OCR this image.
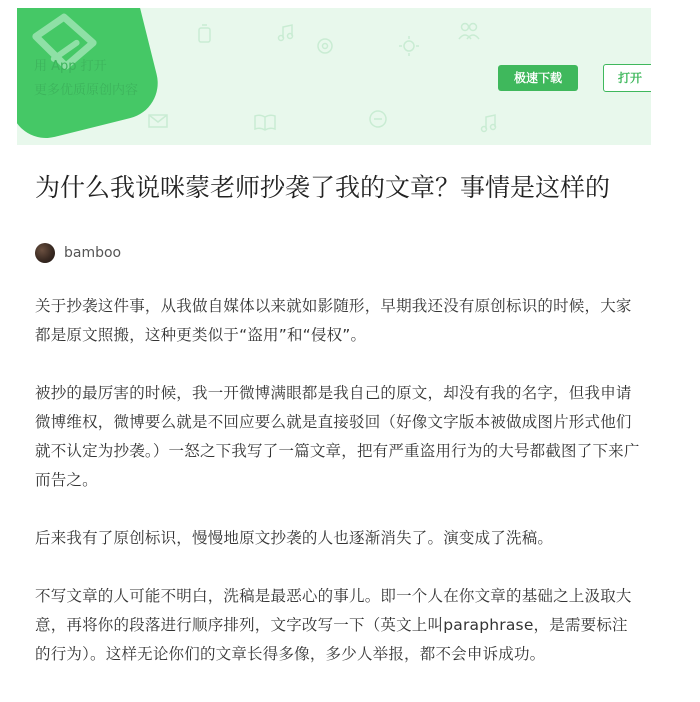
用 App 打开
更多优质原创内容
极速下载	打开
为什么我说咪蒙老师抄袭了我的文章？事情是这样的
bamboo

关于抄袭这件事，从我做自媒体以来就如影随形，早期我还没有原创标识的时候，大家都是原文照搬，这种更类似于“盗用”和“侵权”。

被抄的最厉害的时候，我一开微博满眼都是我自己的原文，却没有我的名字，但我申请微博维权，微博要么就是不回应要么就是直接驳回（好像文字版本被做成图片形式他们就不认定为抄袭。）一怒之下我写了一篇文章，把有严重盗用行为的大号都截图了下来广而告之。

后来我有了原创标识，慢慢地原文抄袭的人也逐渐消失了。演变成了洗稿。

不写文章的人可能不明白，洗稿是最恶心的事儿。即一个人在你文章的基础之上汲取大意，再将你的段落进行顺序排列，文字改写一下（英文上叫paraphrase，是需要标注的行为）。这样无论你们的文章长得多像，多少人举报，都不会申诉成功。
